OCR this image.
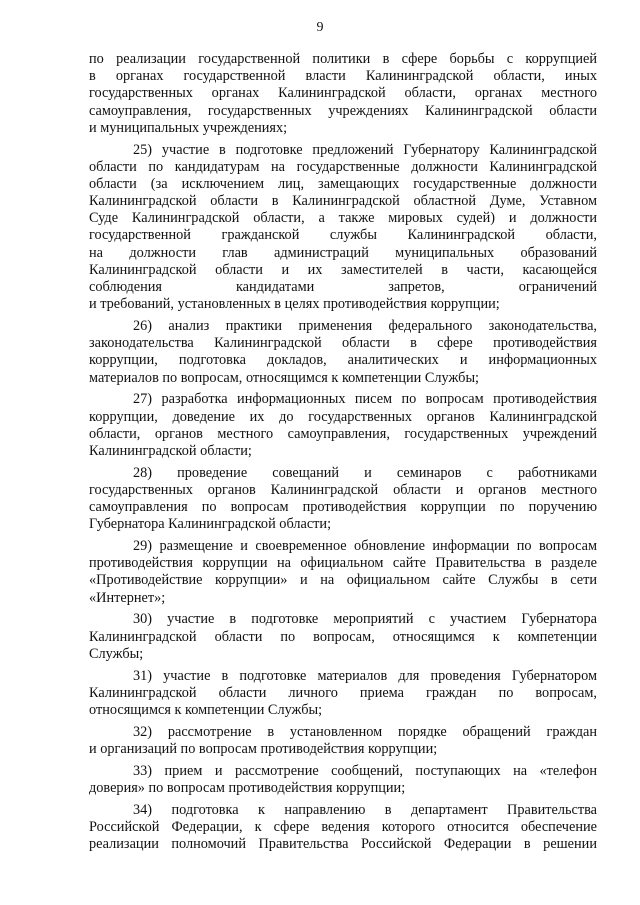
9
по реализации государственной политики в сфере борьбы с коррупцией
в органах государственной власти Калининградской области, иных
государственных органах Калининградской области, органах местного
самоуправления, государственных учреждениях Калининградской области
и муниципальных учреждениях;
25) участие в подготовке предложений Губернатору Калининградской
области по кандидатурам на государственные должности Калининградской
области (за исключением лиц, замещающих государственные должности
Калининградской области в Калининградской областной Думе, Уставном
Суде Калининградской области, а также мировых судей) и должности
государственной гражданской службы Калининградской области,
на должности глав администраций муниципальных образований
Калининградской области и их заместителей в части, касающейся
соблюдения кандидатами запретов, ограничений
и требований, установленных в целях противодействия коррупции;
26) анализ практики применения федерального законодательства,
законодательства Калининградской области в сфере противодействия
коррупции, подготовка докладов, аналитических и информационных
материалов по вопросам, относящимся к компетенции Службы;
27) разработка информационных писем по вопросам противодействия
коррупции, доведение их до государственных органов Калининградской
области, органов местного самоуправления, государственных учреждений
Калининградской области;
28) проведение совещаний и семинаров с работниками
государственных органов Калининградской области и органов местного
самоуправления по вопросам противодействия коррупции по поручению
Губернатора Калининградской области;
29) размещение и своевременное обновление информации по вопросам
противодействия коррупции на официальном сайте Правительства в разделе
«Противодействие коррупции» и на официальном сайте Службы в сети
«Интернет»;
30) участие в подготовке мероприятий с участием Губернатора
Калининградской области по вопросам, относящимся к компетенции
Службы;
31) участие в подготовке материалов для проведения Губернатором
Калининградской области личного приема граждан по вопросам,
относящимся к компетенции Службы;
32) рассмотрение в установленном порядке обращений граждан
и организаций по вопросам противодействия коррупции;
33) прием и рассмотрение сообщений, поступающих на «телефон
доверия» по вопросам противодействия коррупции;
34) подготовка к направлению в департамент Правительства
Российской Федерации, к сфере ведения которого относится обеспечение
реализации полномочий Правительства Российской Федерации в решении
